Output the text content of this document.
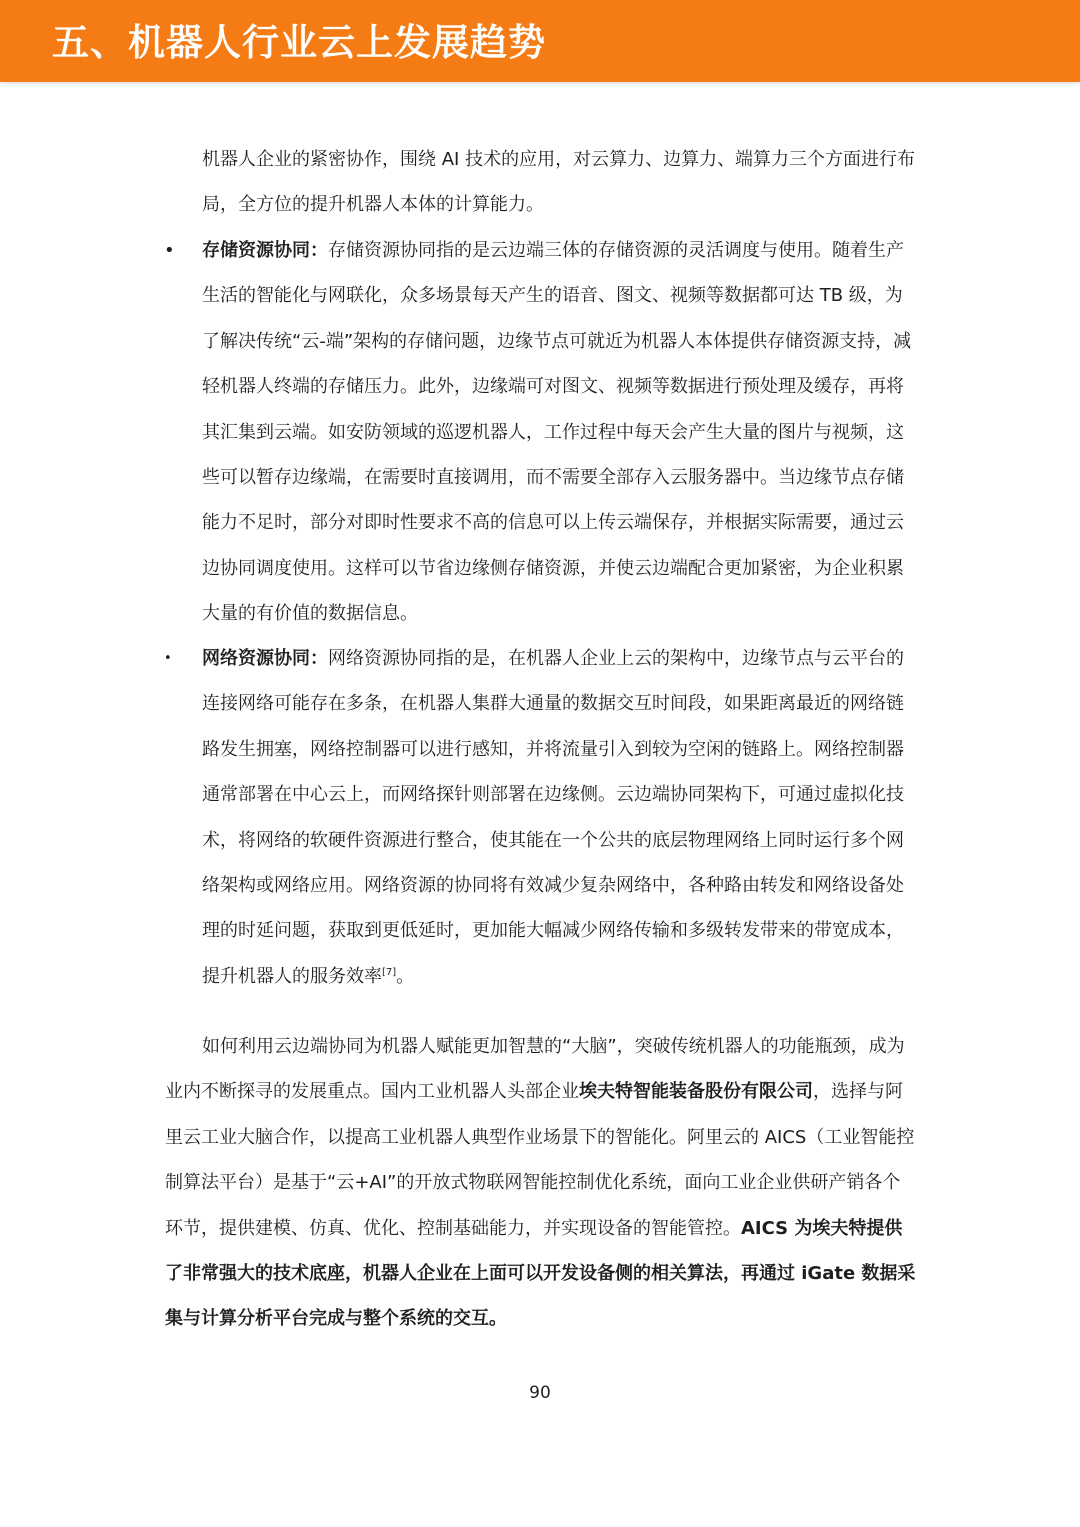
五、机器人行业云上发展趋势
机器人企业的紧密协作，围绕 AI 技术的应用，对云算力、边算力、端算力三个方面进行布局，全方位的提升机器人本体的计算能力。
• 存储资源协同：存储资源协同指的是云边端三体的存储资源的灵活调度与使用。随着生产生活的智能化与网联化，众多场景每天产生的语音、图文、视频等数据都可达 TB 级，为了解决传统“云-端”架构的存储问题，边缘节点可就近为机器人本体提供存储资源支持，减轻机器人终端的存储压力。此外，边缘端可对图文、视频等数据进行预处理及缓存，再将其汇集到云端。如安防领域的巡逻机器人，工作过程中每天会产生大量的图片与视频，这些可以暂存边缘端，在需要时直接调用，而不需要全部存入云服务器中。当边缘节点存储能力不足时，部分对即时性要求不高的信息可以上传云端保存，并根据实际需要，通过云边协同调度使用。这样可以节省边缘侧存储资源，并使云边端配合更加紧密，为企业积累大量的有价值的数据信息。
• 网络资源协同：网络资源协同指的是，在机器人企业上云的架构中，边缘节点与云平台的连接网络可能存在多条，在机器人集群大通量的数据交互时间段，如果距离最近的网络链路发生拥塞，网络控制器可以进行感知，并将流量引入到较为空闲的链路上。网络控制器通常部署在中心云上，而网络探针则部署在边缘侧。云边端协同架构下，可通过虚拟化技术，将网络的软硬件资源进行整合，使其能在一个公共的底层物理网络上同时运行多个网络架构或网络应用。网络资源的协同将有效减少复杂网络中，各种路由转发和网络设备处理的时延问题，获取到更低延时，更加能大幅减少网络传输和多级转发带来的带宽成本，提升机器人的服务效率[7]。
如何利用云边端协同为机器人赋能更加智慧的“大脑”，突破传统机器人的功能瓶颈，成为业内不断探寻的发展重点。国内工业机器人头部企业埃夫特智能装备股份有限公司，选择与阿里云工业大脑合作，以提高工业机器人典型作业场景下的智能化。阿里云的 AICS（工业智能控制算法平台）是基于“云+AI”的开放式物联网智能控制优化系统，面向工业企业供研产销各个环节，提供建模、仿真、优化、控制基础能力，并实现设备的智能管控。AICS 为埃夫特提供了非常强大的技术底座，机器人企业在上面可以开发设备侧的相关算法，再通过 iGate 数据采集与计算分析平台完成与整个系统的交互。
90
